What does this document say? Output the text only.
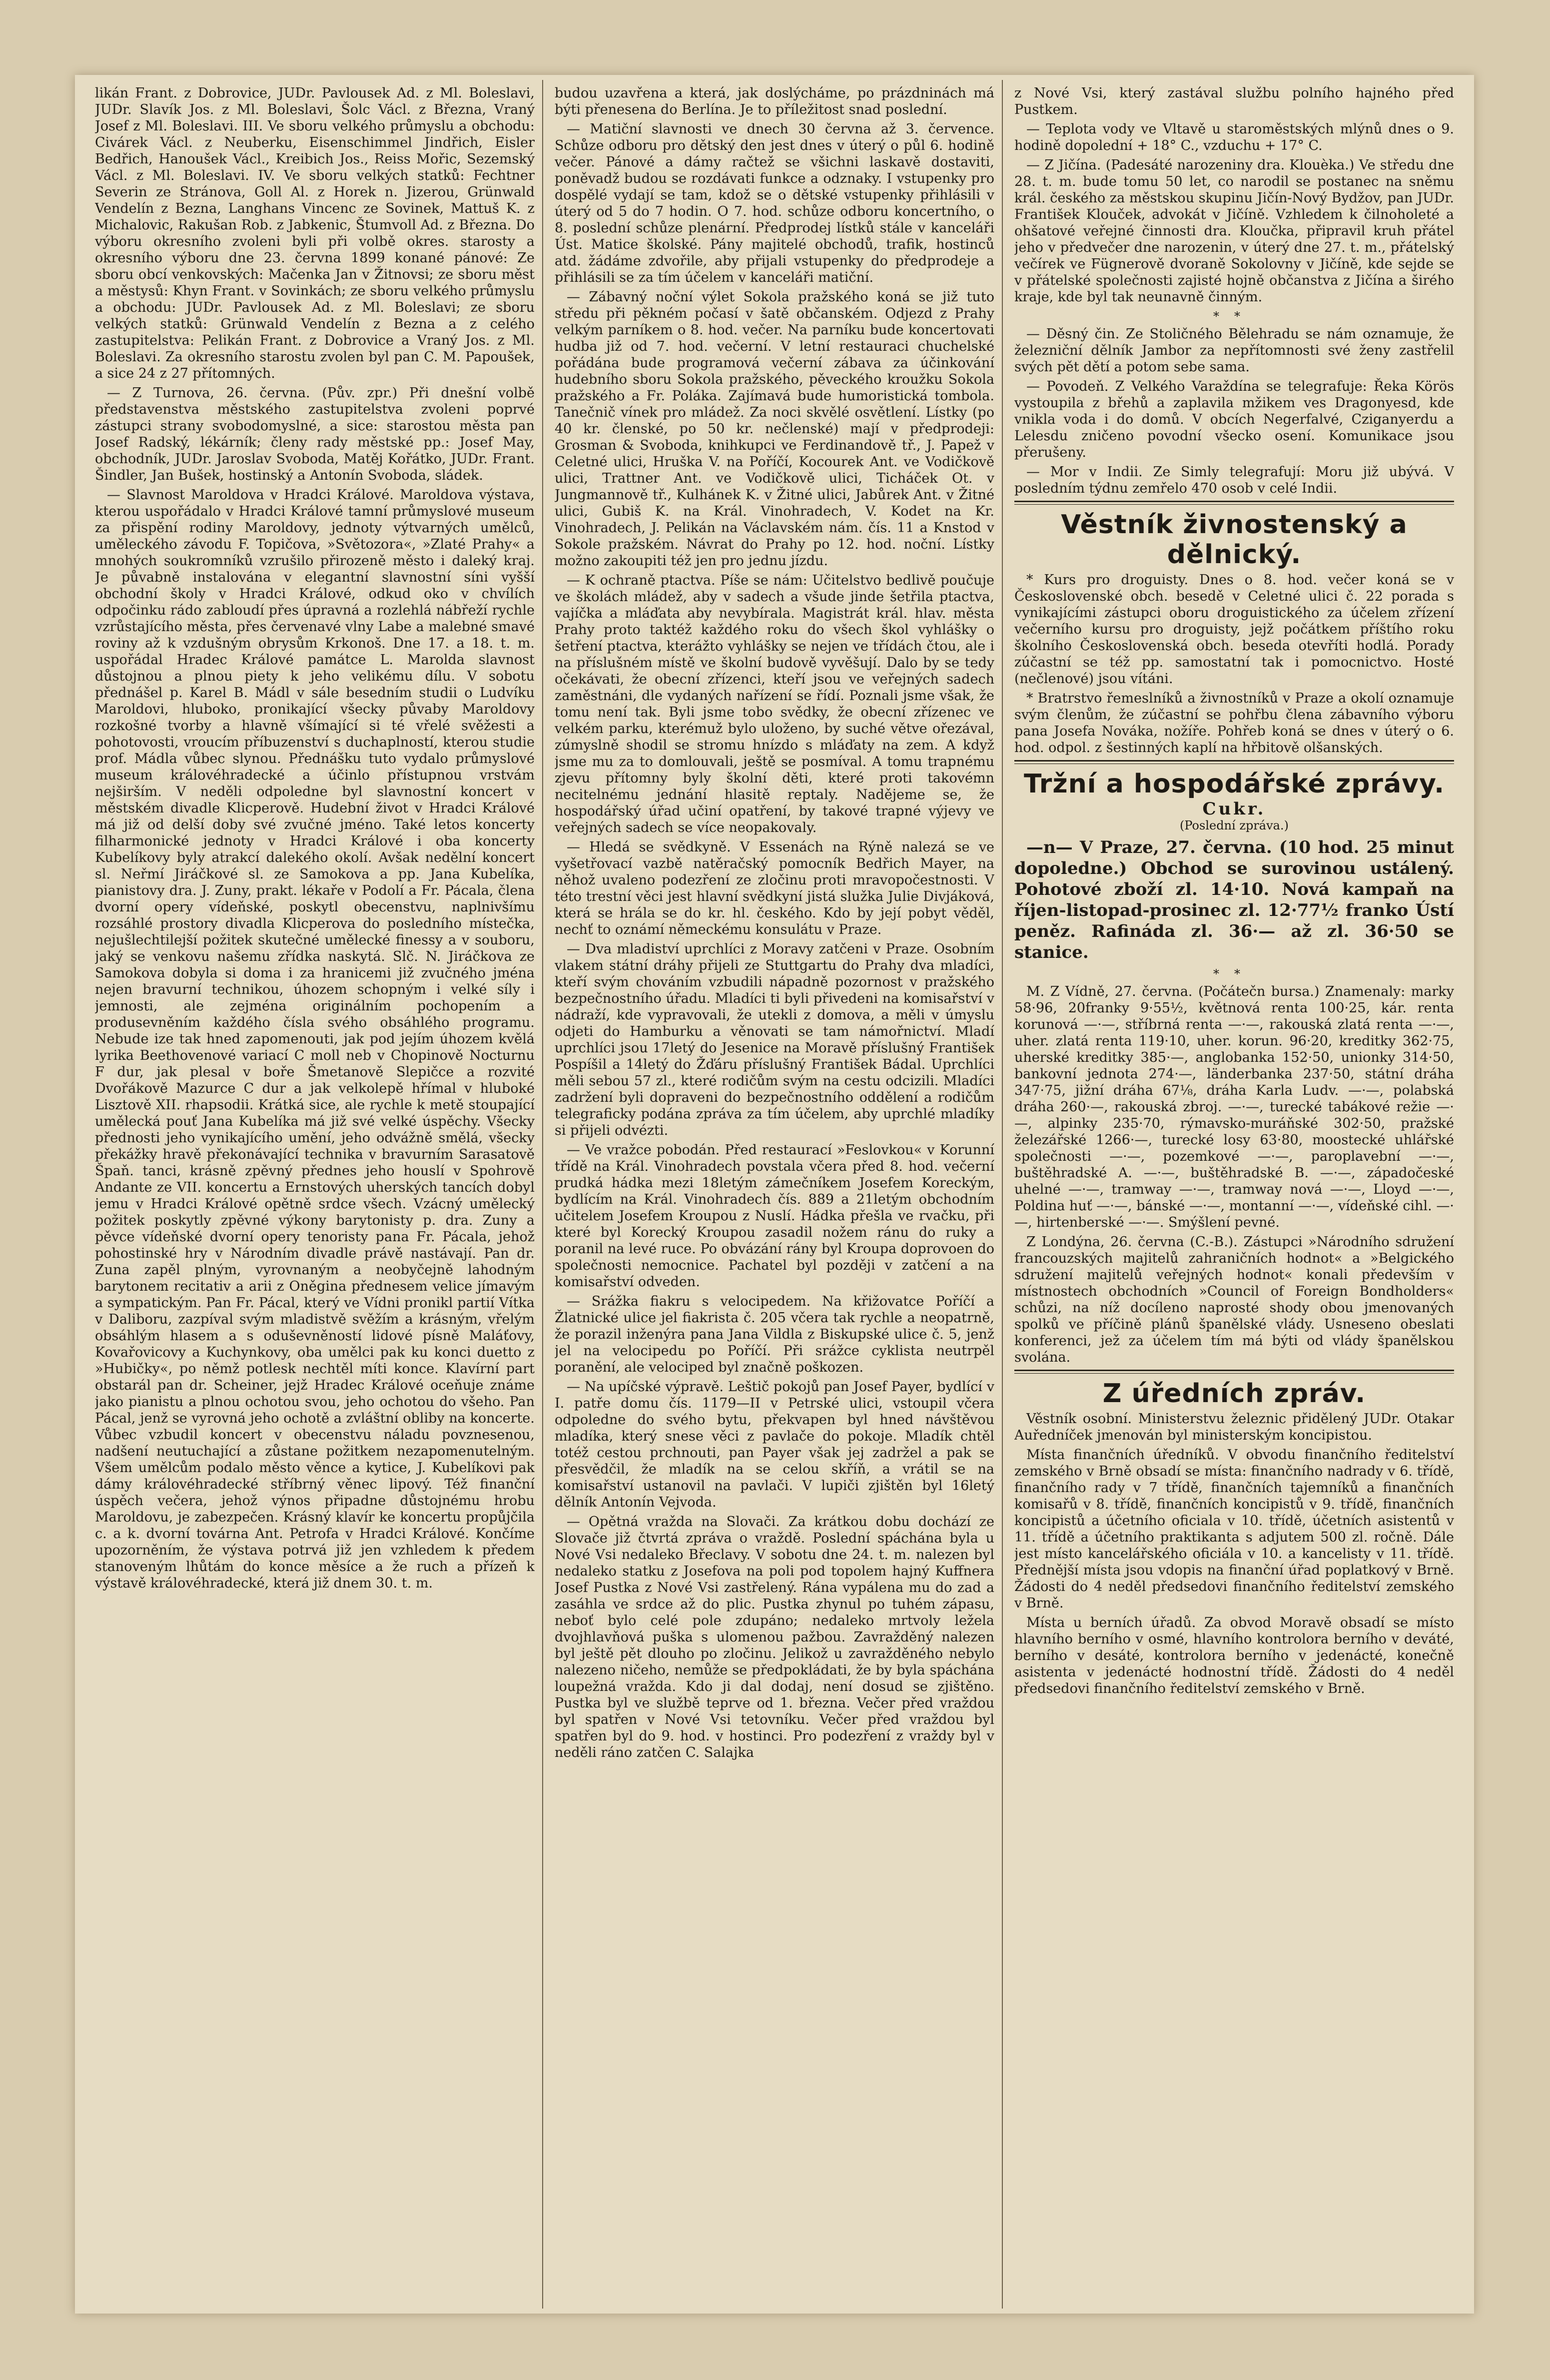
likán Frant. z Dobrovice, JUDr. Pavlousek Ad. z Ml. Boleslavi, JUDr. Slavík Jos. z Ml. Boleslavi, Šolc Václ. z Března, Vraný Josef z Ml. Boleslavi. III. Ve sboru velkého průmyslu a obchodu: Civárek Václ. z Neuberku, Eisenschimmel Jindřich, Eisler Bedřich, Hanoušek Václ., Kreibich Jos., Reiss Mořic, Sezemský Václ. z Ml. Boleslavi. IV. Ve sboru velkých statků: Fechtner Severin ze Stránova, Goll Al. z Horek n. Jizerou, Grünwald Vendelín z Bezna, Langhans Vincenc ze Sovinek, Mattuš K. z Michalovic, Rakušan Rob. z Jabkenic, Štumvoll Ad. z Března. Do výboru okresního zvoleni byli při volbě okres. starosty a okresního výboru dne 23. června 1899 konané pánové: Ze sboru obcí venkovských: Mačenka Jan v Žitnovsi; ze sboru měst a městysů: Khyn Frant. v Sovinkách; ze sboru velkého průmyslu a obchodu: JUDr. Pavlousek Ad. z Ml. Boleslavi; ze sboru velkých statků: Grünwald Vendelín z Bezna a z celého zastupitelstva: Pelikán Frant. z Dobrovice a Vraný Jos. z Ml. Boleslavi. Za okresního starostu zvolen byl pan C. M. Papoušek, a sice 24 z 27 přítomných.

— Z Turnova, 26. června. (Pův. zpr.) Při dnešní volbě představenstva městského zastupitelstva zvoleni poprvé zástupci strany svobodomyslné, a sice: starostou města pan Josef Radský, lékárník; členy rady městské pp.: Josef May, obchodník, JUDr. Jaroslav Svoboda, Matěj Kořátko, JUDr. Frant. Šindler, Jan Bušek, hostinský a Antonín Svoboda, sládek.

— Slavnost Maroldova v Hradci Králové. Maroldova výstava, kterou uspořádalo v Hradci Králové tamní průmyslové museum za přispění rodiny Maroldovy, jednoty výtvarných umělců, uměleckého závodu F. Topičova, »Světozora«, »Zlaté Prahy« a mnohých soukromníků vzrušilo přirozeně město i daleký kraj. Je půvabně instalována v elegantní slavnostní síni vyšší obchodní školy v Hradci Králové, odkud oko v chvílích odpočinku rádo zabloudí přes úpravná a rozlehlá nábřeží rychle vzrůstajícího města, přes červenavé vlny Labe a malebné smavé roviny až k vzdušným obrysům Krkonoš. Dne 17. a 18. t. m. uspořádal Hradec Králové památce L. Marolda slavnost důstojnou a plnou piety k jeho velikému dílu. V sobotu přednášel p. Karel B. Mádl v sále besedním studii o Ludvíku Maroldovi, hluboko, pronikající všecky půvaby Maroldovy rozkošné tvorby a hlavně všímající si té vřelé svěžesti a pohotovosti, vroucím příbuzenství s duchaplností, kterou studie prof. Mádla vůbec slynou. Přednášku tuto vydalo průmyslové museum královéhradecké a účinlo přístupnou vrstvám nejširším. V neděli odpoledne byl slavnostní koncert v městském divadle Klicperově. Hudební život v Hradci Králové má již od delší doby své zvučné jméno. Také letos koncerty filharmonické jednoty v Hradci Králové i oba koncerty Kubelíkovy byly atrakcí dalekého okolí. Avšak nedělní koncert sl. Neřmí Jiráčkové sl. ze Samokova a pp. Jana Kubelíka, pianistovy dra. J. Zuny, prakt. lékaře v Podolí a Fr. Pácala, člena dvorní opery vídeňské, poskytl obecenstvu, naplnivšímu rozsáhlé prostory divadla Klicperova do posledního místečka, nejušlechtilejší požitek skutečné umělecké finessy a v souboru, jaký se venkovu našemu zřídka naskytá. Slč. N. Jiráčkova ze Samokova dobyla si doma i za hranicemi již zvučného jména nejen bravurní technikou, úhozem schopným i velké síly i jemnosti, ale zejména originálním pochopením a produsevněním každého čísla svého obsáhlého programu. Nebude ize tak hned zapomenouti, jak pod jejím úhozem kvělá lyrika Beethovenové variací C moll neb v Chopinově Nocturnu F dur, jak plesal v boře Šmetanově Slepičce a rozvité Dvořákově Mazurce C dur a jak velkolepě hřímal v hluboké Lisztově XII. rhapsodii. Krátká sice, ale rychle k metě stoupající umělecká pouť Jana Kubelíka má již své velké úspěchy. Všecky přednosti jeho vynikajícího umění, jeho odvážně smělá, všecky překážky hravě překonávající technika v bravurním Sarasatově Špaň. tanci, krásně zpěvný přednes jeho houslí v Spohrově Andante ze VII. koncertu a Ernstových uherských tancích dobyl jemu v Hradci Králové opětně srdce všech. Vzácný umělecký požitek poskytly zpěvné výkony barytonisty p. dra. Zuny a pěvce vídeňské dvorní opery tenoristy pana Fr. Pácala, jehož pohostinské hry v Národním divadle právě nastávají. Pan dr. Zuna zapěl plným, vyrovnaným a neobyčejně lahodným barytonem recitativ a arii z Oněgina přednesem velice jímavým a sympatickým. Pan Fr. Pácal, který ve Vídni pronikl partií Vítka v Daliboru, zazpíval svým mladistvě svěžím a krásným, vřelým obsáhlým hlasem a s oduševněností lidové písně Maláťovy, Kovařovicovy a Kuchynkovy, oba umělci pak ku konci duetto z »Hubičky«, po němž potlesk nechtěl míti konce. Klavírní part obstarál pan dr. Scheiner, jejž Hradec Králové oceňuje známe jako pianistu a plnou ochotou svou, jeho ochotou do všeho. Pan Pácal, jenž se vyrovná jeho ochotě a zvláštní obliby na koncerte. Vůbec vzbudil koncert v obecenstvu náladu povznesenou, nadšení neutuchající a zůstane požitkem nezapomenutelným. Všem umělcům podalo město věnce a kytice, J. Kubelíkovi pak dámy královéhradecké stříbrný věnec lipový. Též finanční úspěch večera, jehož výnos připadne důstojnému hrobu Maroldovu, je zabezpečen. Krásný klavír ke koncertu propůjčila c. a k. dvorní továrna Ant. Petrofa v Hradci Králové. Končíme upozorněním, že výstava potrvá již jen vzhledem k předem stanoveným lhůtám do konce měsíce a že ruch a přízeň k výstavě královéhradecké, která již dnem 30. t. m.

budou uzavřena a která, jak doslýcháme, po prázdninách má býti přenesena do Berlína. Je to příležitost snad poslední.

— Matiční slavnosti ve dnech 30 června až 3. července. Schůze odboru pro dětský den jest dnes v úterý o půl 6. hodině večer. Pánové a dámy račtež se všichni laskavě dostaviti, poněvadž budou se rozdávati funkce a odznaky. I vstupenky pro dospělé vydají se tam, kdož se o dětské vstupenky přihlásili v úterý od 5 do 7 hodin. O 7. hod. schůze odboru koncertního, o 8. poslední schůze plenární. Předprodej lístků stále v kanceláři Úst. Matice školské. Pány majitelé obchodů, trafik, hostinců atd. žádáme zdvořile, aby přijali vstupenky do předprodeje a přihlásili se za tím účelem v kanceláři matiční.

— Zábavný noční výlet Sokola pražského koná se již tuto středu při pěkném počasí v šatě občanském. Odjezd z Prahy velkým parníkem o 8. hod. večer. Na parníku bude koncertovati hudba již od 7. hod. večerní. V letní restauraci chuchelské pořádána bude programová večerní zábava za účinkování hudebního sboru Sokola pražského, pěveckého kroužku Sokola pražského a Fr. Poláka. Zajímavá bude humoristická tombola. Tanečnič vínek pro mládež. Za noci skvělé osvětlení. Lístky (po 40 kr. členské, po 50 kr. nečlenské) mají v předprodeji: Grosman & Svoboda, knihkupci ve Ferdinandově tř., J. Papež v Celetné ulici, Hruška V. na Poříčí, Kocourek Ant. ve Vodičkově ulici, Trattner Ant. ve Vodičkově ulici, Ticháček Ot. v Jungmannově tř., Kulhánek K. v Žitné ulici, Jabůrek Ant. v Žitné ulici, Gubiš K. na Král. Vinohradech, V. Kodet na Kr. Vinohradech, J. Pelikán na Václavském nám. čís. 11 a Knstod v Sokole pražském. Návrat do Prahy po 12. hod. noční. Lístky možno zakoupiti též jen pro jednu jízdu.

— K ochraně ptactva. Píše se nám: Učitelstvo bedlivě poučuje ve školách mládež, aby v sadech a všude jinde šetřila ptactva, vajíčka a mláďata aby nevybírala. Magistrát král. hlav. města Prahy proto taktéž každého roku do všech škol vyhlášky o šetření ptactva, kterážto vyhlášky se nejen ve třídách čtou, ale i na příslušném místě ve školní budově vyvěšují. Dalo by se tedy očekávati, že obecní zřízenci, kteří jsou ve veřejných sadech zaměstnáni, dle vydaných nařízení se řídí. Poznali jsme však, že tomu není tak. Byli jsme tobo svědky, že obecní zřízenec ve velkém parku, kterémuž bylo uloženo, by suché větve ořezával, zúmyslně shodil se stromu hnízdo s mláďaty na zem. A když jsme mu za to domlouvali, ještě se posmíval. A tomu trapnému zjevu přítomny byly školní děti, které proti takovémn necitelnému jednání hlasitě reptaly. Nadějeme se, že hospodářský úřad učiní opatření, by takové trapné výjevy ve veřejných sadech se více neopakovaly.

— Hledá se svědkyně. V Essenách na Rýně nalezá se ve vyšetřovací vazbě natěračský pomocník Bedřich Mayer, na něhož uvaleno podezření ze zločinu proti mravopočestnosti. V této trestní věci jest hlavní svědkyní jistá služka Julie Divjáková, která se hrála se do kr. hl. českého. Kdo by její pobyt věděl, nechť to oznámí německému konsulátu v Praze.

— Dva mladiství uprchlíci z Moravy zatčeni v Praze. Osobním vlakem státní dráhy přijeli ze Stuttgartu do Prahy dva mladíci, kteří svým chováním vzbudili nápadně pozornost v pražského bezpečnostního úřadu. Mladíci ti byli přivedeni na komisařství v nádraží, kde vypravovali, že utekli z domova, a měli v úmyslu odjeti do Hamburku a věnovati se tam námořnictví. Mladí uprchlíci jsou 17letý do Jesenice na Moravě příslušný František Pospíšil a 14letý do Žďáru příslušný František Bádal. Uprchlíci měli sebou 57 zl., které rodičům svým na cestu odcizili. Mladíci zadržení byli dopraveni do bezpečnostního oddělení a rodičům telegraficky podána zpráva za tím účelem, aby uprchlé mladíky si přijeli odvézti.

— Ve vražce pobodán. Před restaurací »Feslovkou« v Korunní třídě na Král. Vinohradech povstala včera před 8. hod. večerní prudká hádka mezi 18letým zámečníkem Josefem Koreckým, bydlícím na Král. Vinohradech čís. 889 a 21letým obchodním učitelem Josefem Kroupou z Nuslí. Hádka přešla ve rvačku, při které byl Korecký Kroupou zasadil nožem ránu do ruky a poranil na levé ruce. Po obvázání rány byl Kroupa doprovoen do společnosti nemocnice. Pachatel byl později v zatčení a na komisařství odveden.

— Srážka fiakru s velocipedem. Na křižovatce Poříčí a Žlatnické ulice jel fiakrista č. 205 včera tak rychle a neopatrně, že porazil inženýra pana Jana Vildla z Biskupské ulice č. 5, jenž jel na velocipedu po Poříčí. Při srážce cyklista neutrpěl poranění, ale velociped byl značně poškozen.

— Na upíčské výpravě. Leštič pokojů pan Josef Payer, bydlící v I. patře domu čís. 1179—II v Petrské ulici, vstoupil včera odpoledne do svého bytu, překvapen byl hned návštěvou mladíka, který snese věci z pavlače do pokoje. Mladík chtěl totéž cestou prchnouti, pan Payer však jej zadržel a pak se přesvědčil, že mladík na se celou skříň, a vrátil se na komisařství ustanovil na pavlači. V lupiči zjištěn byl 16letý dělník Antonín Vejvoda.

— Opětná vražda na Slovači. Za krátkou dobu dochází ze Slovače již čtvrtá zpráva o vraždě. Poslední spáchána byla u Nové Vsi nedaleko Břeclavy. V sobotu dne 24. t. m. nalezen byl nedaleko statku z Josefova na poli pod topolem hajný Kuffnera Josef Pustka z Nové Vsi zastřelený. Rána vypálena mu do zad a zasáhla ve srdce až do plic. Pustka zhynul po tuhém zápasu, neboť bylo celé pole zdupáno; nedaleko mrtvoly ležela dvojhlavňová puška s ulomenou pažbou. Zavražděný nalezen byl ještě pět dlouho po zločinu. Jelikož u zavražděného nebylo nalezeno ničeho, nemůže se předpokládati, že by byla spáchána loupežná vražda. Kdo ji dal dodaj, není dosud se zjištěno. Pustka byl ve službě teprve od 1. března. Večer před vraždou byl spatřen v Nové Vsi tetovníku. Večer před vraždou byl spatřen byl do 9. hod. v hostinci. Pro podezření z vraždy byl v neděli ráno zatčen C. Salajka

z Nové Vsi, který zastával službu polního hajného před Pustkem.

— Teplota vody ve Vltavě u staroměstských mlýnů dnes o 9. hodině dopolední + 18° C., vzduchu + 17° C.

— Z Jičína. (Padesáté narozeniny dra. Klouèka.) Ve středu dne 28. t. m. bude tomu 50 let, co narodil se postanec na sněmu král. českého za městskou skupinu Jičín-Nový Bydžov, pan JUDr. František Klouček, advokát v Jičíně. Vzhledem k čilnoholeté a ohšatové veřejné činnosti dra. Kloučka, připravil kruh přátel jeho v předvečer dne narozenin, v úterý dne 27. t. m., přátelský večírek ve Fügnerově dvoraně Sokolovny v Jičíně, kde sejde se v přátelské společnosti zajisté hojně občanstva z Jičína a širého kraje, kde byl tak neunavně činným.

**

— Děsný čin. Ze Stoličného Bělehradu se nám oznamuje, že železniční dělník Jambor za nepřítomnosti své ženy zastřelil svých pět dětí a potom sebe sama.

— Povodeň. Z Velkého Varaždína se telegrafuje: Řeka Körös vystoupila z břehů a zaplavila mžikem ves Dragonyesd, kde vnikla voda i do domů. V obcích Negerfalvé, Cziganyerdu a Lelesdu zničeno povodní všecko osení. Komunikace jsou přerušeny.

— Mor v Indii. Ze Simly telegrafují: Moru již ubývá. V posledním týdnu zemřelo 470 osob v celé Indii.

Věstník živnostenský a dělnický.

* Kurs pro droguisty. Dnes o 8. hod. večer koná se v Československé obch. besedě v Celetné ulici č. 22 porada s vynikajícími zástupci oboru droguistického za účelem zřízení večerního kursu pro droguisty, jejž počátkem příštího roku školního Československá obch. beseda otevříti hodlá. Porady zúčastní se též pp. samostatní tak i pomocnictvo. Hosté (nečlenové) jsou vítáni.

* Bratrstvo řemeslníků a živnostníků v Praze a okolí oznamuje svým členům, že zúčastní se pohřbu člena zábavního výboru pana Josefa Nováka, nožíře. Pohřeb koná se dnes v úterý o 6. hod. odpol. z šestinných kaplí na hřbitově olšanských.

Tržní a hospodářské zprávy.
Cukr.
(Poslední zpráva.)

—n— V Praze, 27. června. (10 hod. 25 minut dopoledne.) Obchod se surovinou ustálený. Pohotové zboží zl. 14·10. Nová kampaň na říjen-listopad-prosinec zl. 12·77½ franko Ústí peněz. Rafináda zl. 36·— až zl. 36·50 se stanice.

**

M. Z Vídně, 27. června. (Počátečn bursa.) Znamenaly: marky 58·96, 20franky 9·55½, květnová renta 100·25, kár. renta korunová —·—, stříbrná renta —·—, rakouská zlatá renta —·—, uher. zlatá renta 119·10, uher. korun. 96·20, kreditky 362·75, uherské kreditky 385·—, anglobanka 152·50, unionky 314·50, bankovní jednota 274·—, länderbanka 237·50, státní dráha 347·75, jižní dráha 67⅛, dráha Karla Ludv. —·—, polabská dráha 260·—, rakouská zbroj. —·—, turecké tabákové režie —·—, alpinky 235·70, rýmavsko-muráňské 302·50, pražské železářské 1266·—, turecké losy 63·80, moostecké uhlářské společnosti —·—, pozemkové —·—, paroplavební —·—, buštěhradské A. —·—, buštěhradské B. —·—, západočeské uhelné —·—, tramway —·—, tramway nová —·—, Lloyd —·—, Poldina huť —·—, bánské —·—, montanní —·—, vídeňské cihl. —·—, hirtenberské —·—. Smýšlení pevné.

Z Londýna, 26. června (C.-B.). Zástupci »Národního sdružení francouzských majitelů zahraničních hodnot« a »Belgického sdružení majitelů veřejných hodnot« konali především v místnostech obchodních »Council of Foreign Bondholders« schůzi, na níž docíleno naprosté shody obou jmenovaných spolků ve příčině plánů španělské vlády. Usneseno obeslati konferenci, jež za účelem tím má býti od vlády španělskou svolána.

Z úředních zpráv.

Věstník osobní. Ministerstvu železnic přidělený JUDr. Otakar Auředníček jmenován byl ministerským koncipistou.

Místa finančních úředníků. V obvodu finančního ředitelství zemského v Brně obsadí se místa: finančního nadrady v 6. třídě, finančního rady v 7 třídě, finančních tajemníků a finančních komisařů v 8. třídě, finančních koncipistů v 9. třídě, finančních koncipistů a účetního oficiala v 10. třídě, účetních asistentů v 11. třídě a účetního praktikanta s adjutem 500 zl. ročně. Dále jest místo kancelářského oficiála v 10. a kancelisty v 11. třídě. Přednější místa jsou vdopis na finanční úřad poplatkový v Brně. Žádosti do 4 neděl předsedovi finančního ředitelství zemského v Brně.

Místa u berních úřadů. Za obvod Moravě obsadí se místo hlavního berního v osmé, hlavního kontrolora berního v deváté, berního v desáté, kontrolora berního v jedenácté, konečně asistenta v jedenácté hodnostní třídě. Žádosti do 4 neděl předsedovi finančního ředitelství zemského v Brně.
